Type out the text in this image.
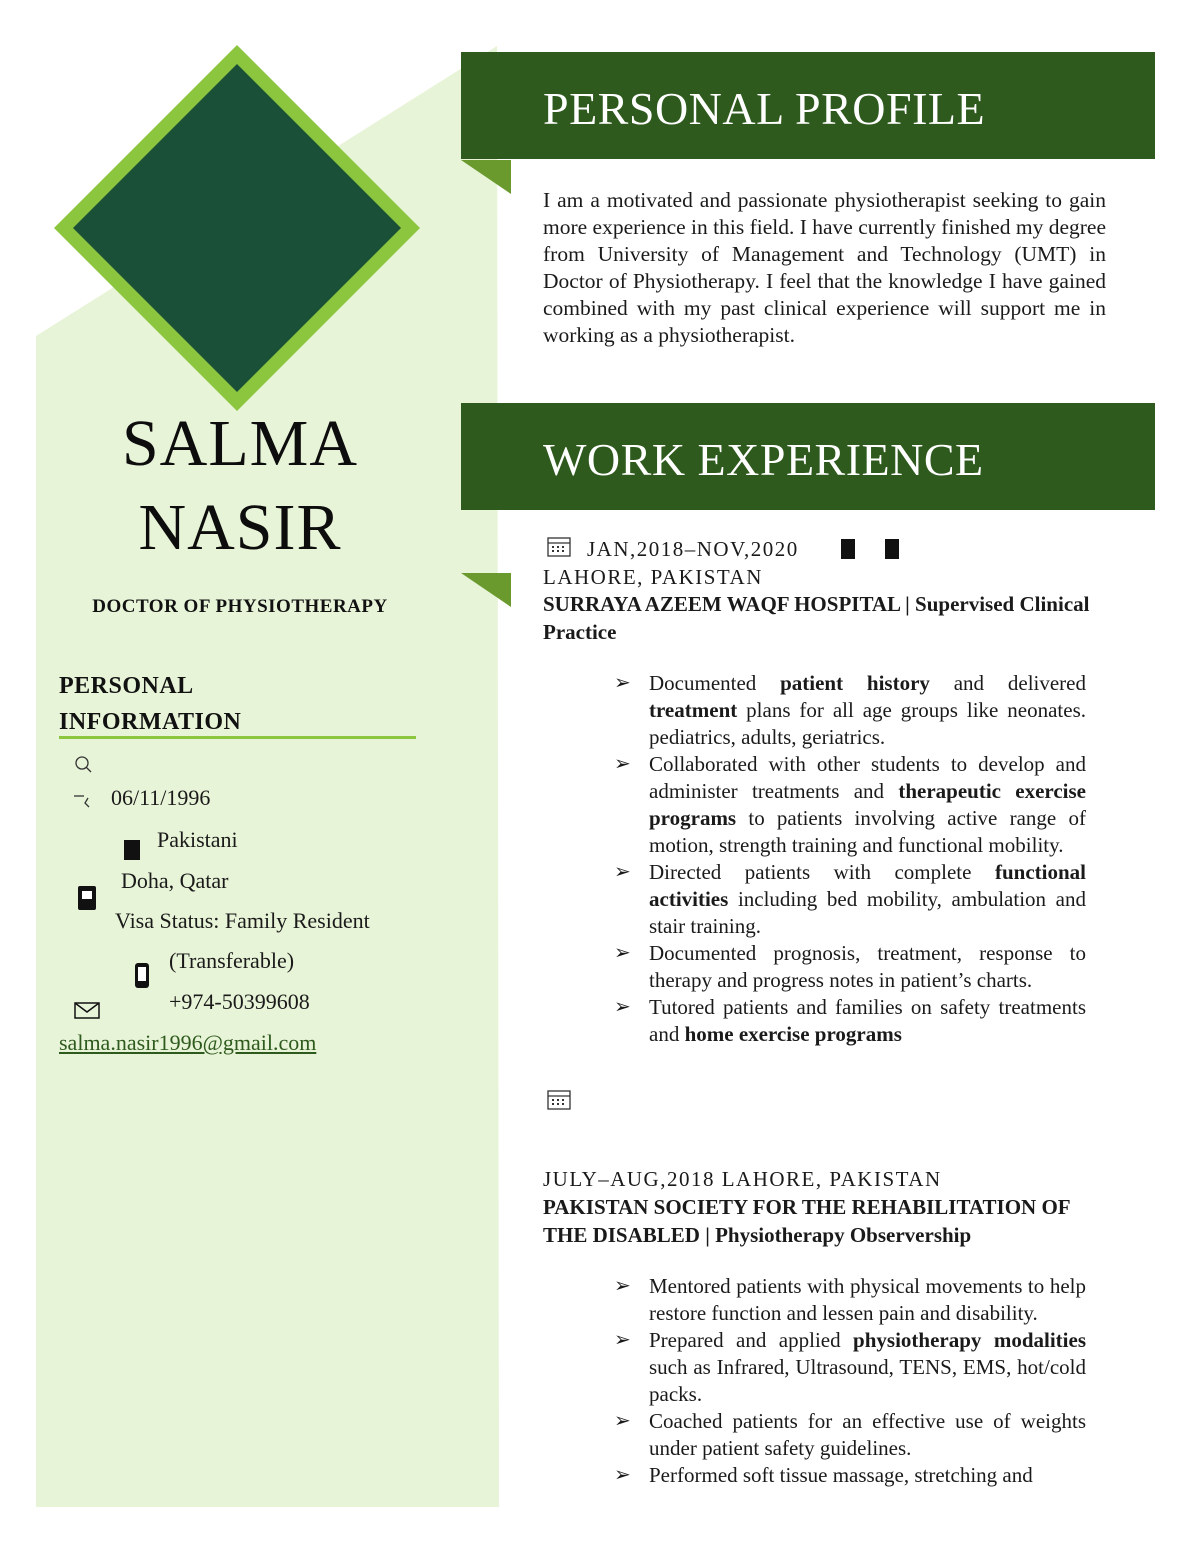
SALMA
NASIR
DOCTOR OF PHYSIOTHERAPY
PERSONAL
INFORMATION
06/11/1996
Pakistani
Doha, Qatar
Visa Status: Family Resident
(Transferable)
+974-50399608
salma.nasir1996@gmail.com
PERSONAL PROFILE
I am a motivated and passionate physiotherapist seeking to gain more experience in this field. I have currently finished my degree from University of Management and Technology (UMT) in Doctor of Physiotherapy. I feel that the knowledge I have gained combined with my past clinical experience will support me in working as a physiotherapist.
WORK EXPERIENCE
JAN,2018–NOV,2020
LAHORE, PAKISTAN
SURRAYA AZEEM WAQF HOSPITAL | Supervised Clinical Practice
➢ Documented patient history and delivered treatment plans for all age groups like neonates. pediatrics, adults, geriatrics.
➢ Collaborated with other students to develop and administer treatments and therapeutic exercise programs to patients involving active range of motion, strength training and functional mobility.
➢ Directed patients with complete functional activities including bed mobility, ambulation and stair training.
➢ Documented prognosis, treatment, response to therapy and progress notes in patient’s charts.
➢ Tutored patients and families on safety treatments and home exercise programs
JULY–AUG,2018 LAHORE, PAKISTAN
PAKISTAN SOCIETY FOR THE REHABILITATION OF THE DISABLED | Physiotherapy Observership
➢ Mentored patients with physical movements to help restore function and lessen pain and disability.
➢ Prepared and applied physiotherapy modalities such as Infrared, Ultrasound, TENS, EMS, hot/cold packs.
➢ Coached patients for an effective use of weights under patient safety guidelines.
➢ Performed soft tissue massage, stretching and
